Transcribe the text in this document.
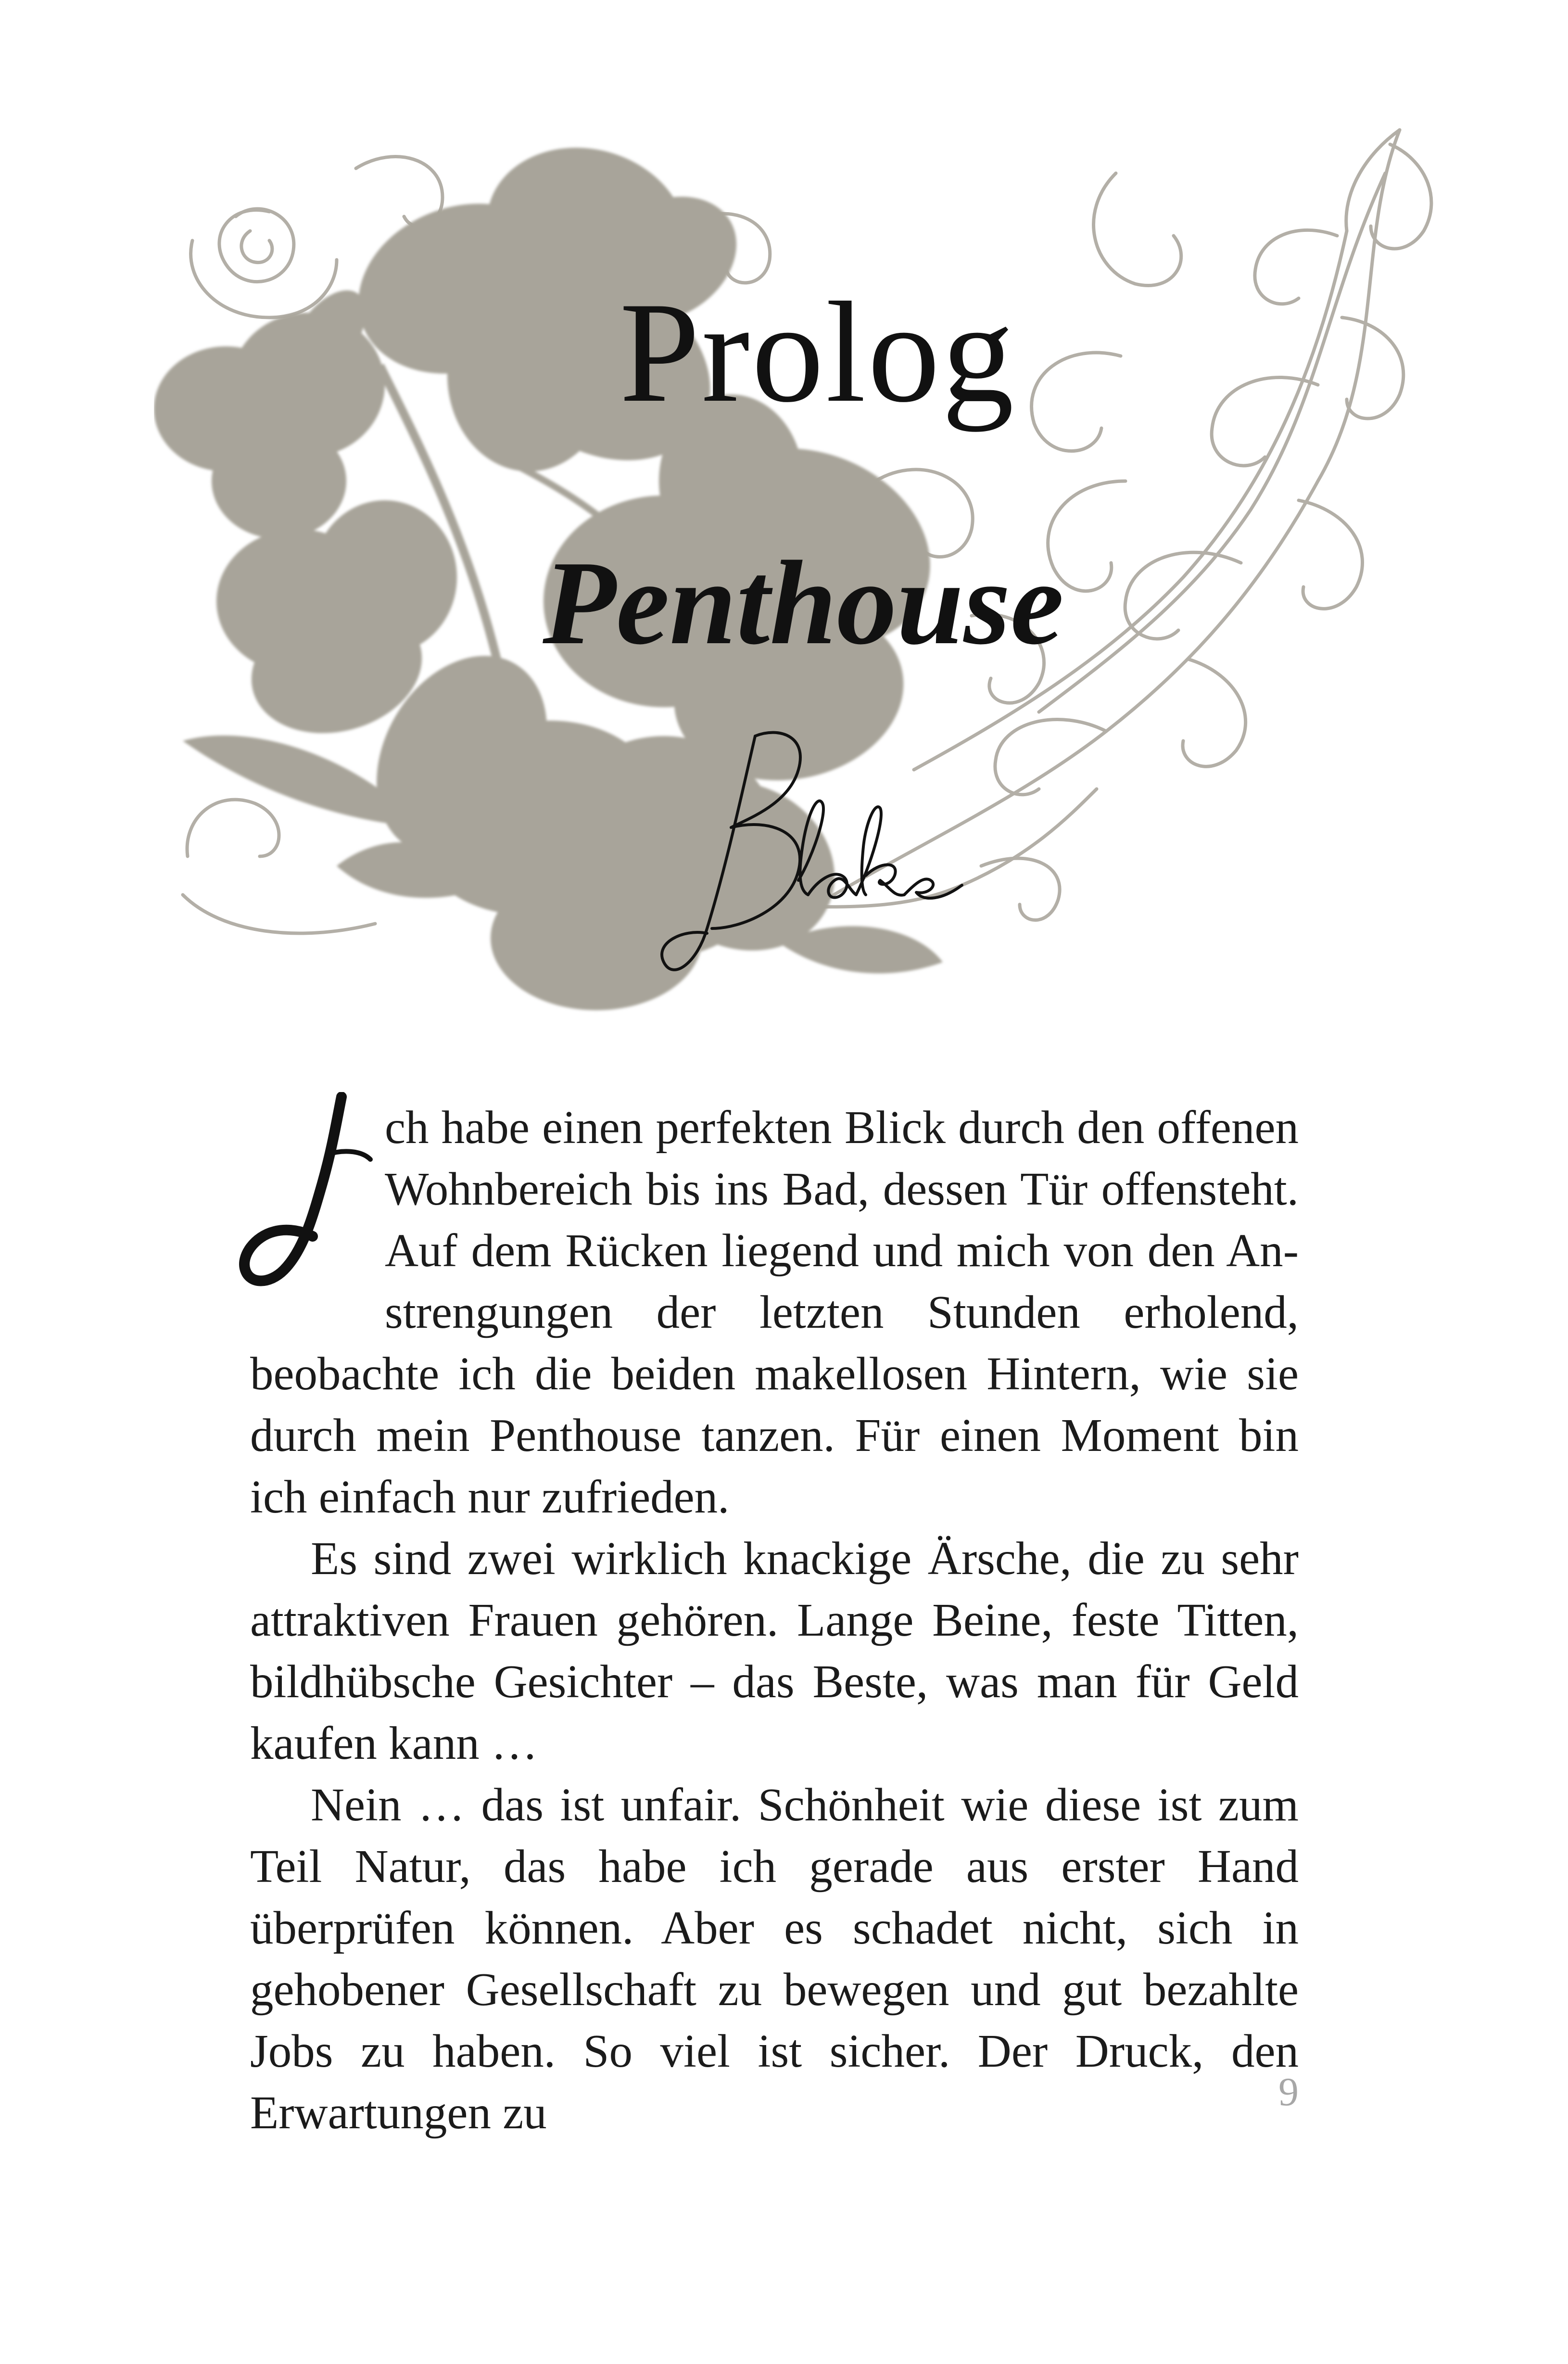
Prolog
Penthouse

ch habe einen perfekten Blick durch den offenen Wohnbereich bis ins Bad, dessen Tür offensteht. Auf dem Rücken liegend und mich von den Anstrengungen der letzten Stunden erholend, beobachte ich die beiden makellosen Hintern, wie sie durch mein Penthouse tanzen. Für einen Moment bin ich einfach nur zufrieden.

Es sind zwei wirklich knackige Ärsche, die zu sehr attraktiven Frauen gehören. Lange Beine, feste Titten, bildhübsche Gesichter – das Beste, was man für Geld kaufen kann …

Nein … das ist unfair. Schönheit wie diese ist zum Teil Natur, das habe ich gerade aus erster Hand überprüfen können. Aber es schadet nicht, sich in gehobener Gesellschaft zu bewegen und gut bezahlte Jobs zu haben. So viel ist sicher. Der Druck, den Erwartungen zu	9
